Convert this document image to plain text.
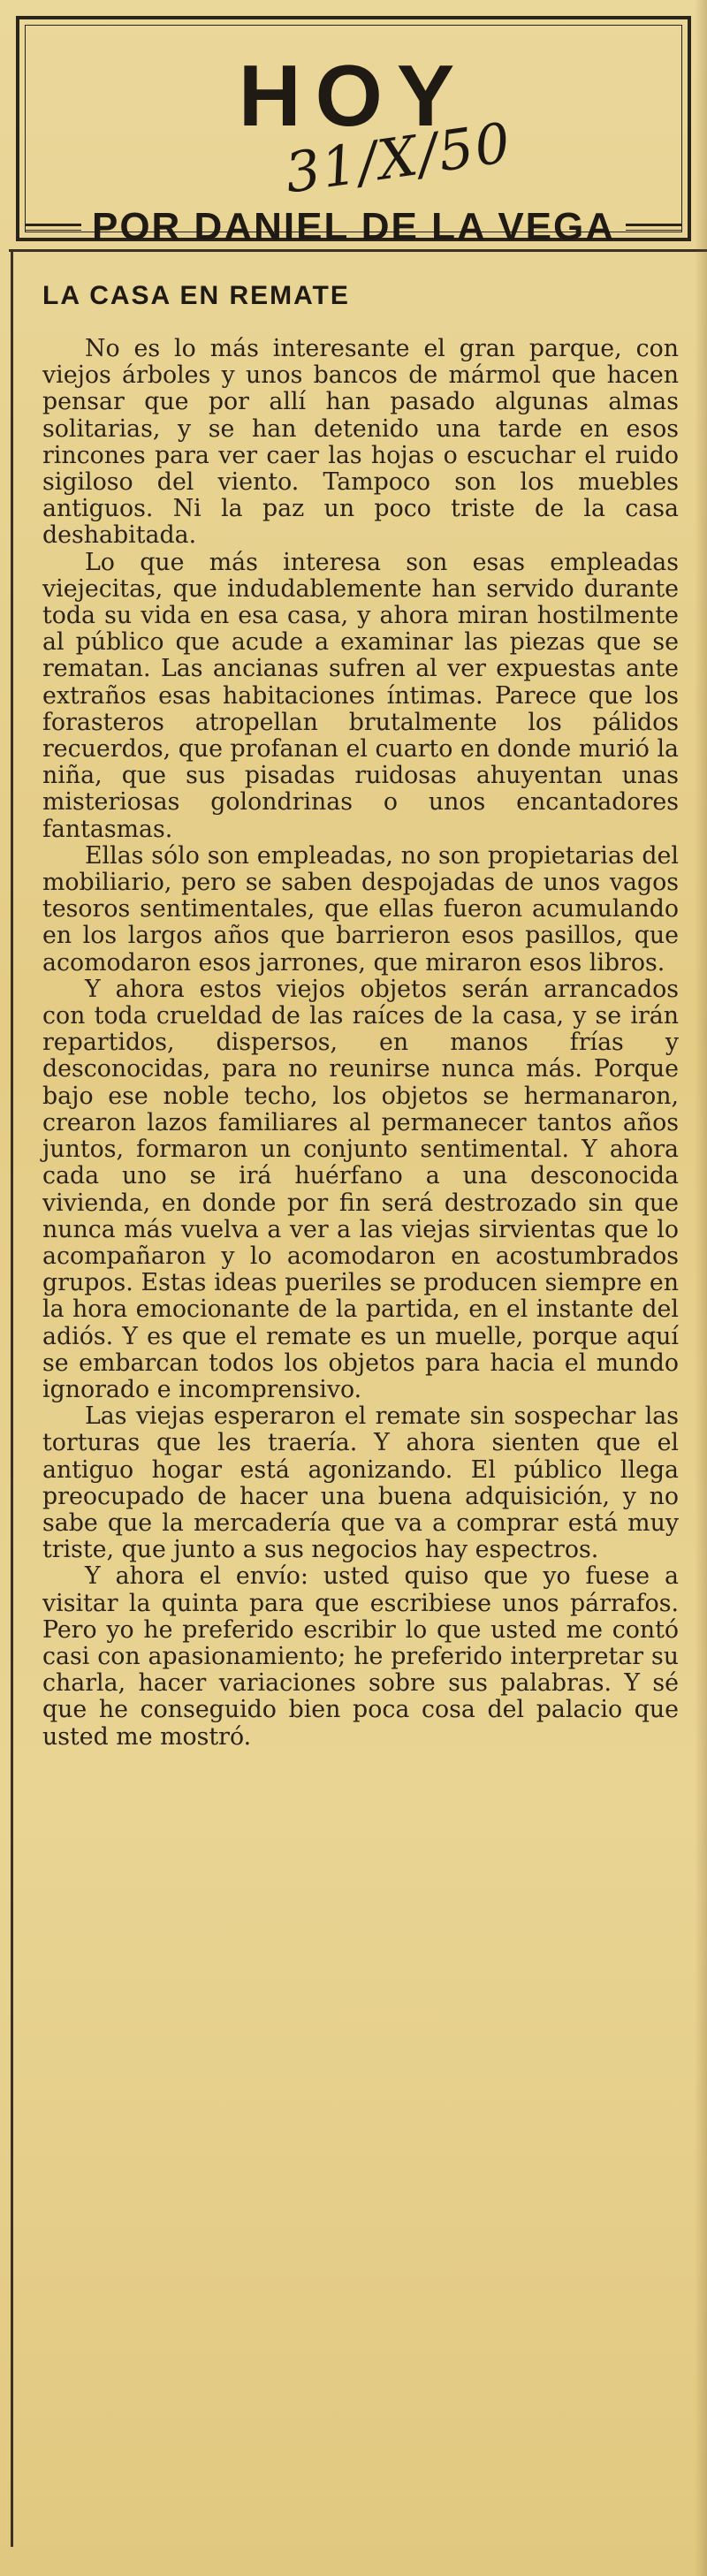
HOY
31/X/50
POR DANIEL DE LA VEGA
LA CASA EN REMATE

No es lo más interesante el gran parque, con viejos árboles y unos bancos de mármol que hacen pensar que por allí han pasado algunas almas solitarias, y se han detenido una tarde en esos rincones para ver caer las hojas o escuchar el ruido sigiloso del viento. Tampoco son los muebles antiguos. Ni la paz un poco triste de la casa deshabitada.

Lo que más interesa son esas empleadas viejecitas, que indudablemente han servido durante toda su vida en esa casa, y ahora miran hostilmente al público que acude a examinar las piezas que se rematan. Las ancianas sufren al ver expuestas ante extraños esas habitaciones íntimas. Parece que los forasteros atropellan brutalmente los pálidos recuerdos, que profanan el cuarto en donde murió la niña, que sus pisadas ruidosas ahuyentan unas misteriosas golondrinas o unos encantadores fantasmas.

Ellas sólo son empleadas, no son propietarias del mobiliario, pero se saben despojadas de unos vagos tesoros sentimentales, que ellas fueron acumulando en los largos años que barrieron esos pasillos, que acomodaron esos jarrones, que miraron esos libros.

Y ahora estos viejos objetos serán arrancados con toda crueldad de las raíces de la casa, y se irán repartidos, dispersos, en manos frías y desconocidas, para no reunirse nunca más. Porque bajo ese noble techo, los objetos se hermanaron, crearon lazos familiares al permanecer tantos años juntos, formaron un conjunto sentimental. Y ahora cada uno se irá huérfano a una desconocida vivienda, en donde por fin será destrozado sin que nunca más vuelva a ver a las viejas sirvientas que lo acompañaron y lo acomodaron en acostumbrados grupos. Estas ideas pueriles se producen siempre en la hora emocionante de la partida, en el instante del adiós. Y es que el remate es un muelle, porque aquí se embarcan todos los objetos para hacia el mundo ignorado e incomprensivo.

Las viejas esperaron el remate sin sospechar las torturas que les traería. Y ahora sienten que el antiguo hogar está agonizando. El público llega preocupado de hacer una buena adquisición, y no sabe que la mercadería que va a comprar está muy triste, que junto a sus negocios hay espectros.

Y ahora el envío: usted quiso que yo fuese a visitar la quinta para que escribiese unos párrafos. Pero yo he preferido escribir lo que usted me contó casi con apasionamiento; he preferido interpretar su charla, hacer variaciones sobre sus palabras. Y sé que he conseguido bien poca cosa del palacio que usted me mostró.
